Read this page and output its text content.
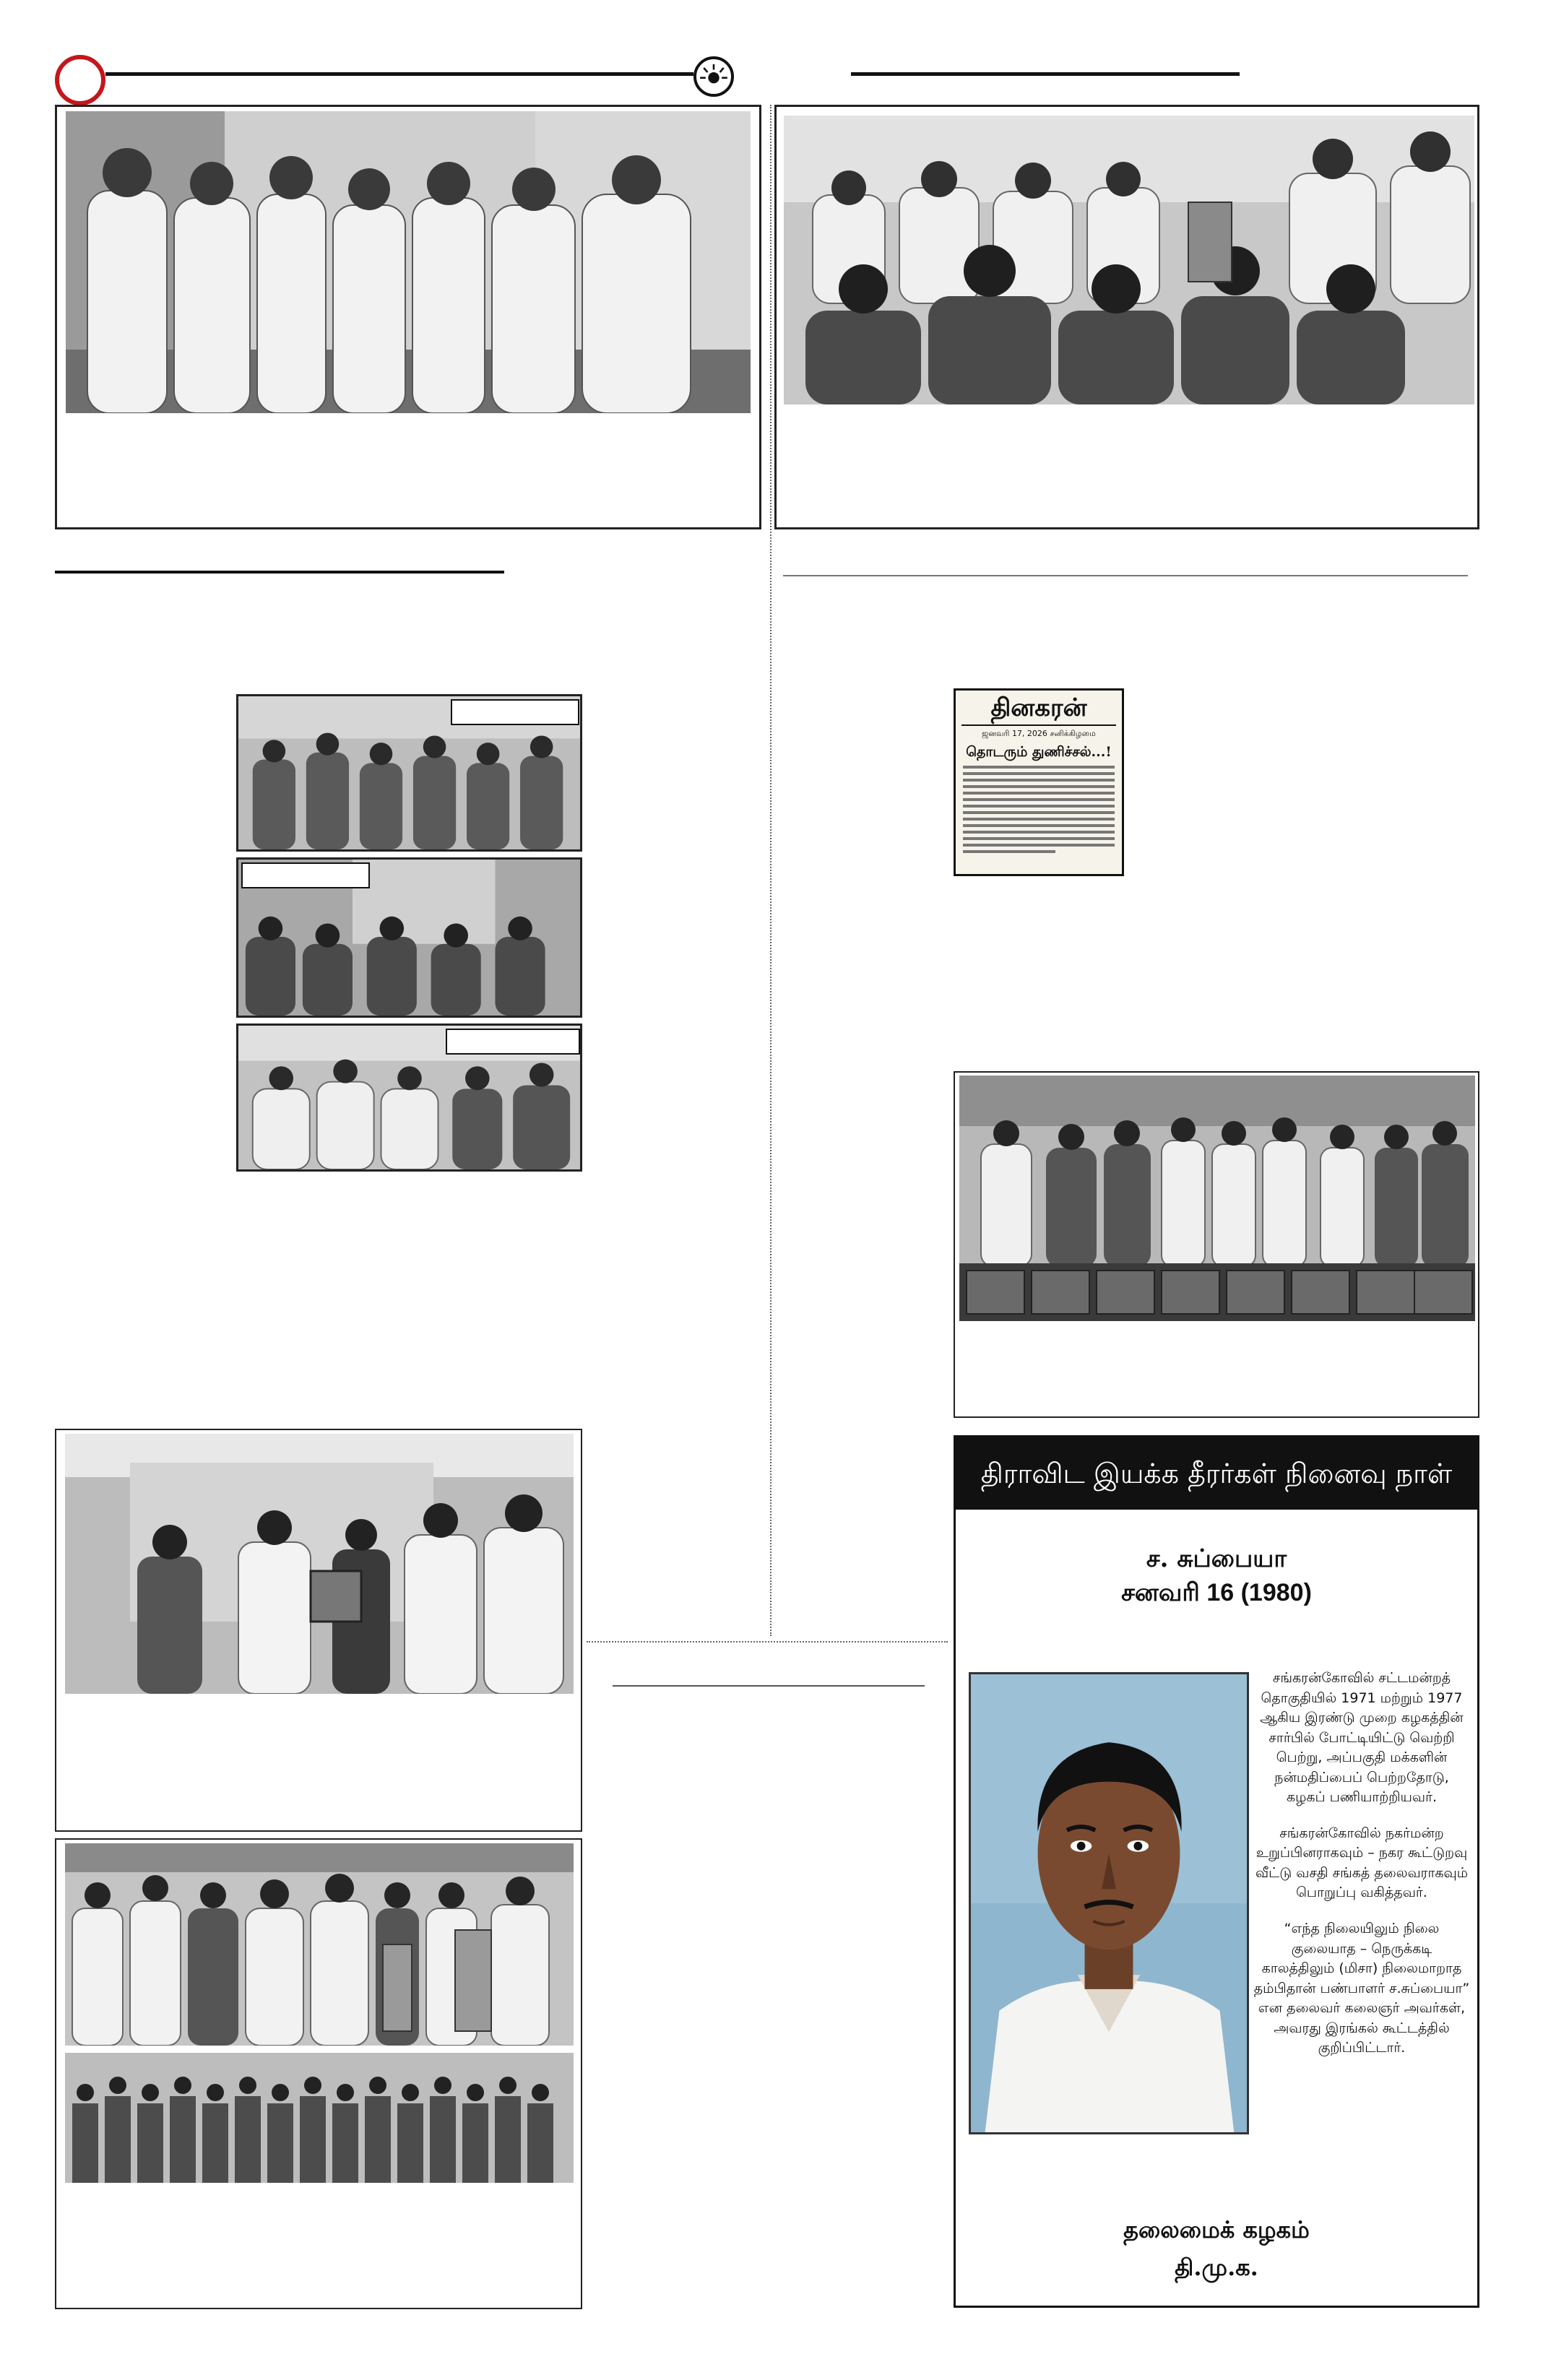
தினகரன்
ஜனவரி 17, 2026 சனிக்கிழமை
தொடரும் துணிச்சல்...!
திராவிட இயக்க தீரர்கள் நினைவு நாள்
ச. சுப்பையா
சனவரி 16 (1980)

சங்கரன்கோவில் சட்டமன்றத் தொகுதியில் 1971 மற்றும் 1977 ஆகிய இரண்டு முறை கழகத்தின் சார்பில் போட்டியிட்டு வெற்றி பெற்று, அப்பகுதி மக்களின் நன்மதிப்பைப் பெற்றதோடு, கழகப் பணியாற்றியவர்.

சங்கரன்கோவில் நகர்மன்ற உறுப்பினராகவும் – நகர கூட்டுறவு வீட்டு வசதி சங்கத் தலைவராகவும் பொறுப்பு வகித்தவர்.

“எந்த நிலையிலும் நிலை குலையாத – நெருக்கடி காலத்திலும் (மிசா) நிலைமாறாத தம்பிதான் பண்பாளர் ச.சுப்பையா” என தலைவர் கலைஞர் அவர்கள், அவரது இரங்கல் கூட்டத்தில் குறிப்பிட்டார்.

தலைமைக் கழகம்
தி.மு.க.
